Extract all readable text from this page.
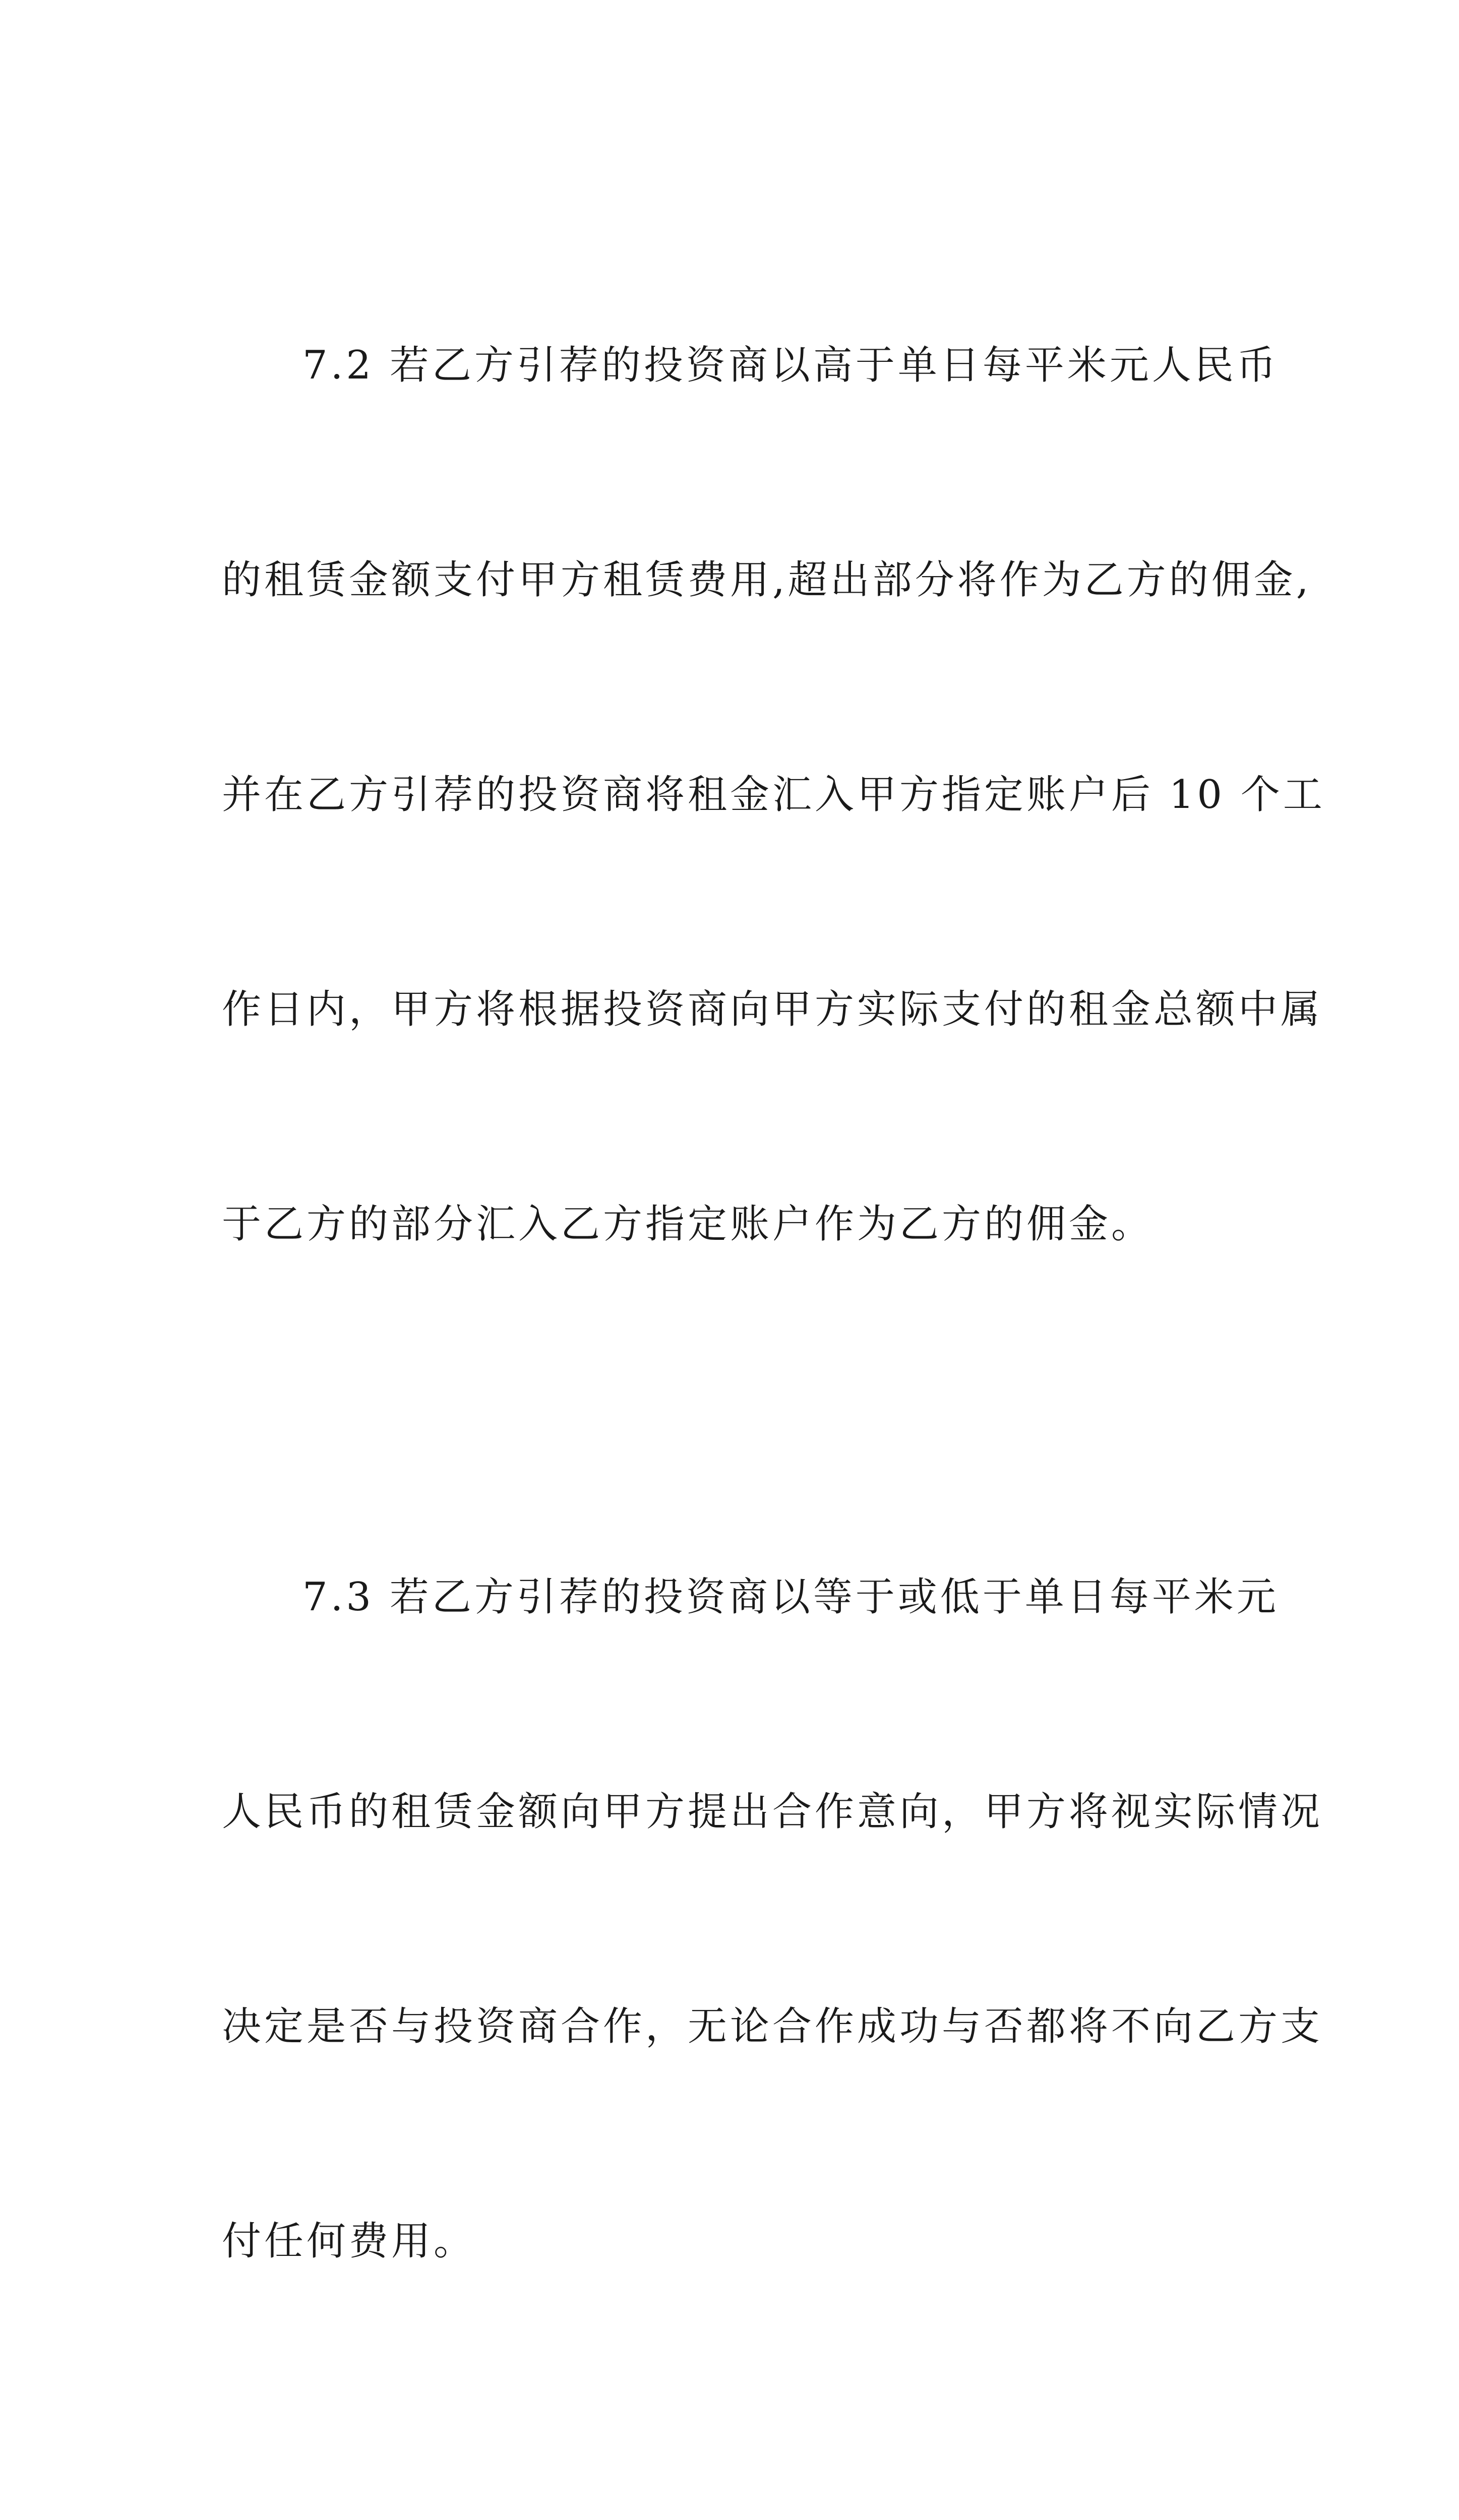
7.2 若乙方引荐的投资商以高于单日每平米元人民币

的租赁金额支付甲方租赁费用,超出部分将作为乙方的佣金,

并在乙方引荐的投资商将租金汇入甲方指定账户后 10 个工

作日内，甲方将根据投资商向甲方实际支付的租金总额中属

于乙方的部分汇入乙方指定账户作为乙方的佣金。

7.3 若乙方引荐的投资商以等于或低于单日每平米元

人民币的租赁金额向甲方提出合作意向，甲方将视实际情况

决定是否与投资商合作，无论合作成功与否都将不向乙方支

付任何费用。
